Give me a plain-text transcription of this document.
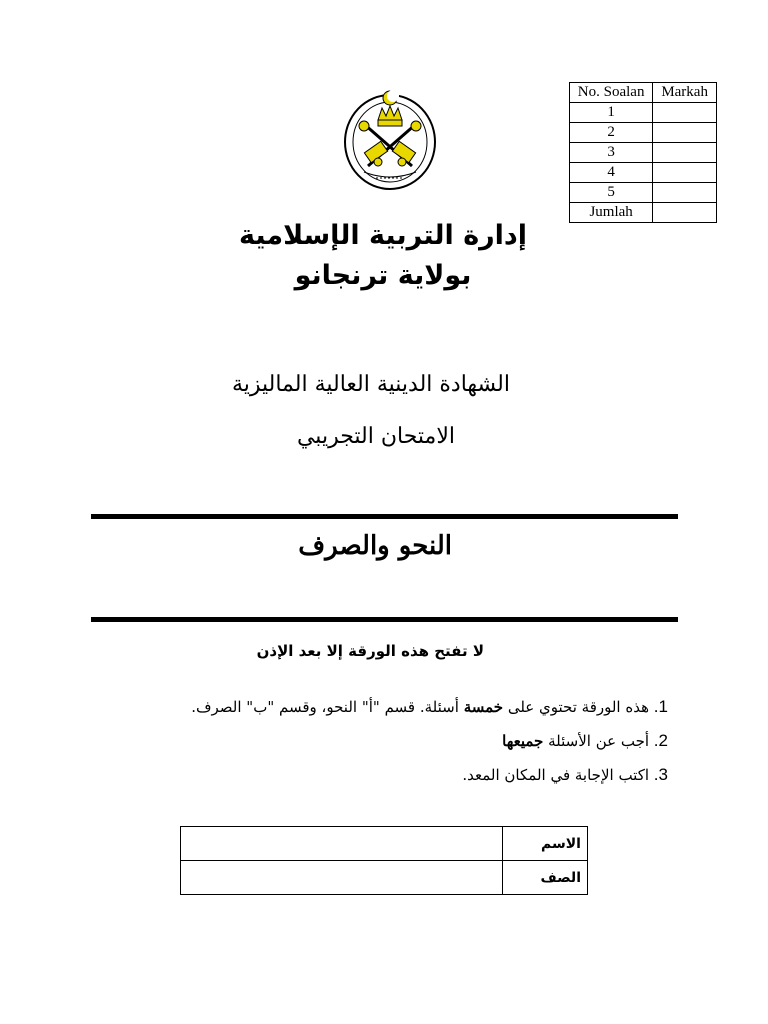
No. Soalan	Markah
1	
2	
3	
4	
5	
Jumlah	
إدارة التربية الإسلامية بولاية ترنجانو
الشهادة الدينية العالية الماليزية
الامتحان التجريبي
النحو والصرف
لا تفتح هذه الورقة إلا بعد الإذن
1. هذه الورقة تحتوي على خمسة أسئلة. قسم "أ" النحو، وقسم "ب" الصرف.
2. أجب عن الأسئلة جميعها
3. اكتب الإجابة في المكان المعد.
	الاسم
	الصف
